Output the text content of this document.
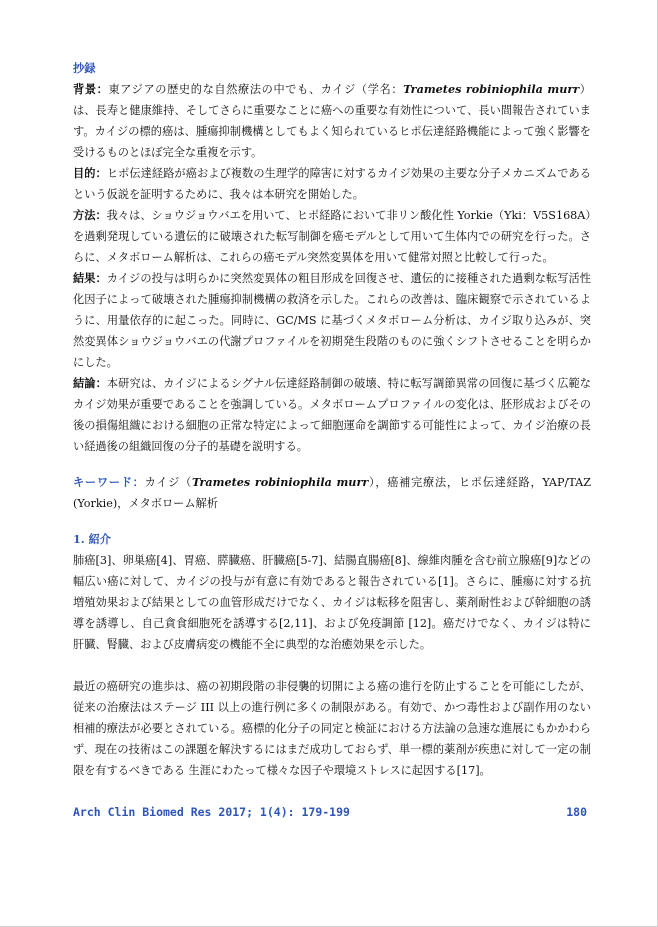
抄録

背景：東アジアの歴史的な自然療法の中でも、カイジ（学名：Trametes robiniophila murr）は、長寿と健康維持、そしてさらに重要なことに癌への重要な有効性について、長い間報告されています。カイジの標的癌は、腫瘍抑制機構としてもよく知られているヒポ伝達経路機能によって強く影響を受けるものとほぼ完全な重複を示す。

目的：ヒポ伝達経路が癌および複数の生理学的障害に対するカイジ効果の主要な分子メカニズムであるという仮説を証明するために、我々は本研究を開始した。

方法：我々は、ショウジョウバエを用いて、ヒポ経路において非リン酸化性 Yorkie（Yki：V5S168A）を過剰発現している遺伝的に破壊された転写制御を癌モデルとして用いて生体内での研究を行った。さらに、メタボローム解析は、これらの癌モデル突然変異体を用いて健常対照と比較して行った。

結果：カイジの投与は明らかに突然変異体の粗目形成を回復させ、遺伝的に接種された過剰な転写活性化因子によって破壊された腫瘍抑制機構の救済を示した。これらの改善は、臨床観察で示されているように、用量依存的に起こった。同時に、GC/MS に基づくメタボローム分析は、カイジ取り込みが、突然変異体ショウジョウバエの代謝プロファイルを初期発生段階のものに強くシフトさせることを明らかにした。

結論：本研究は、カイジによるシグナル伝達経路制御の破壊、特に転写調節異常の回復に基づく広範なカイジ効果が重要であることを強調している。メタボロームプロファイルの変化は、胚形成およびその後の損傷組織における細胞の正常な特定によって細胞運命を調節する可能性によって、カイジ治療の長い経過後の組織回復の分子的基礎を説明する。

キーワード：カイジ（Trametes robiniophila murr），癌補完療法，ヒポ伝達経路，YAP/TAZ (Yorkie)，メタボローム解析

1. 紹介

肺癌[3]、卵巣癌[4]、胃癌、膵臓癌、肝臓癌[5-7]、結腸直腸癌[8]、線維肉腫を含む前立腺癌[9]などの幅広い癌に対して、カイジの投与が有意に有効であると報告されている[1]。さらに、腫瘍に対する抗増殖効果および結果としての血管形成だけでなく、カイジは転移を阻害し、薬剤耐性および幹細胞の誘導を誘導し、自己貪食細胞死を誘導する[2,11]、および免疫調節 [12]。癌だけでなく、カイジは特に肝臓、腎臓、および皮膚病変の機能不全に典型的な治癒効果を示した。

最近の癌研究の進歩は、癌の初期段階の非侵襲的切開による癌の進行を防止することを可能にしたが、従来の治療法はステージ III 以上の進行例に多くの制限がある。有効で、かつ毒性および副作用のない相補的療法が必要とされている。癌標的化分子の同定と検証における方法論の急速な進展にもかかわらず、現在の技術はこの課題を解決するにはまだ成功しておらず、単一標的薬剤が疾患に対して一定の制限を有するべきである 生涯にわたって様々な因子や環境ストレスに起因する[17]。

Arch Clin Biomed Res 2017; 1(4): 179-199	180
